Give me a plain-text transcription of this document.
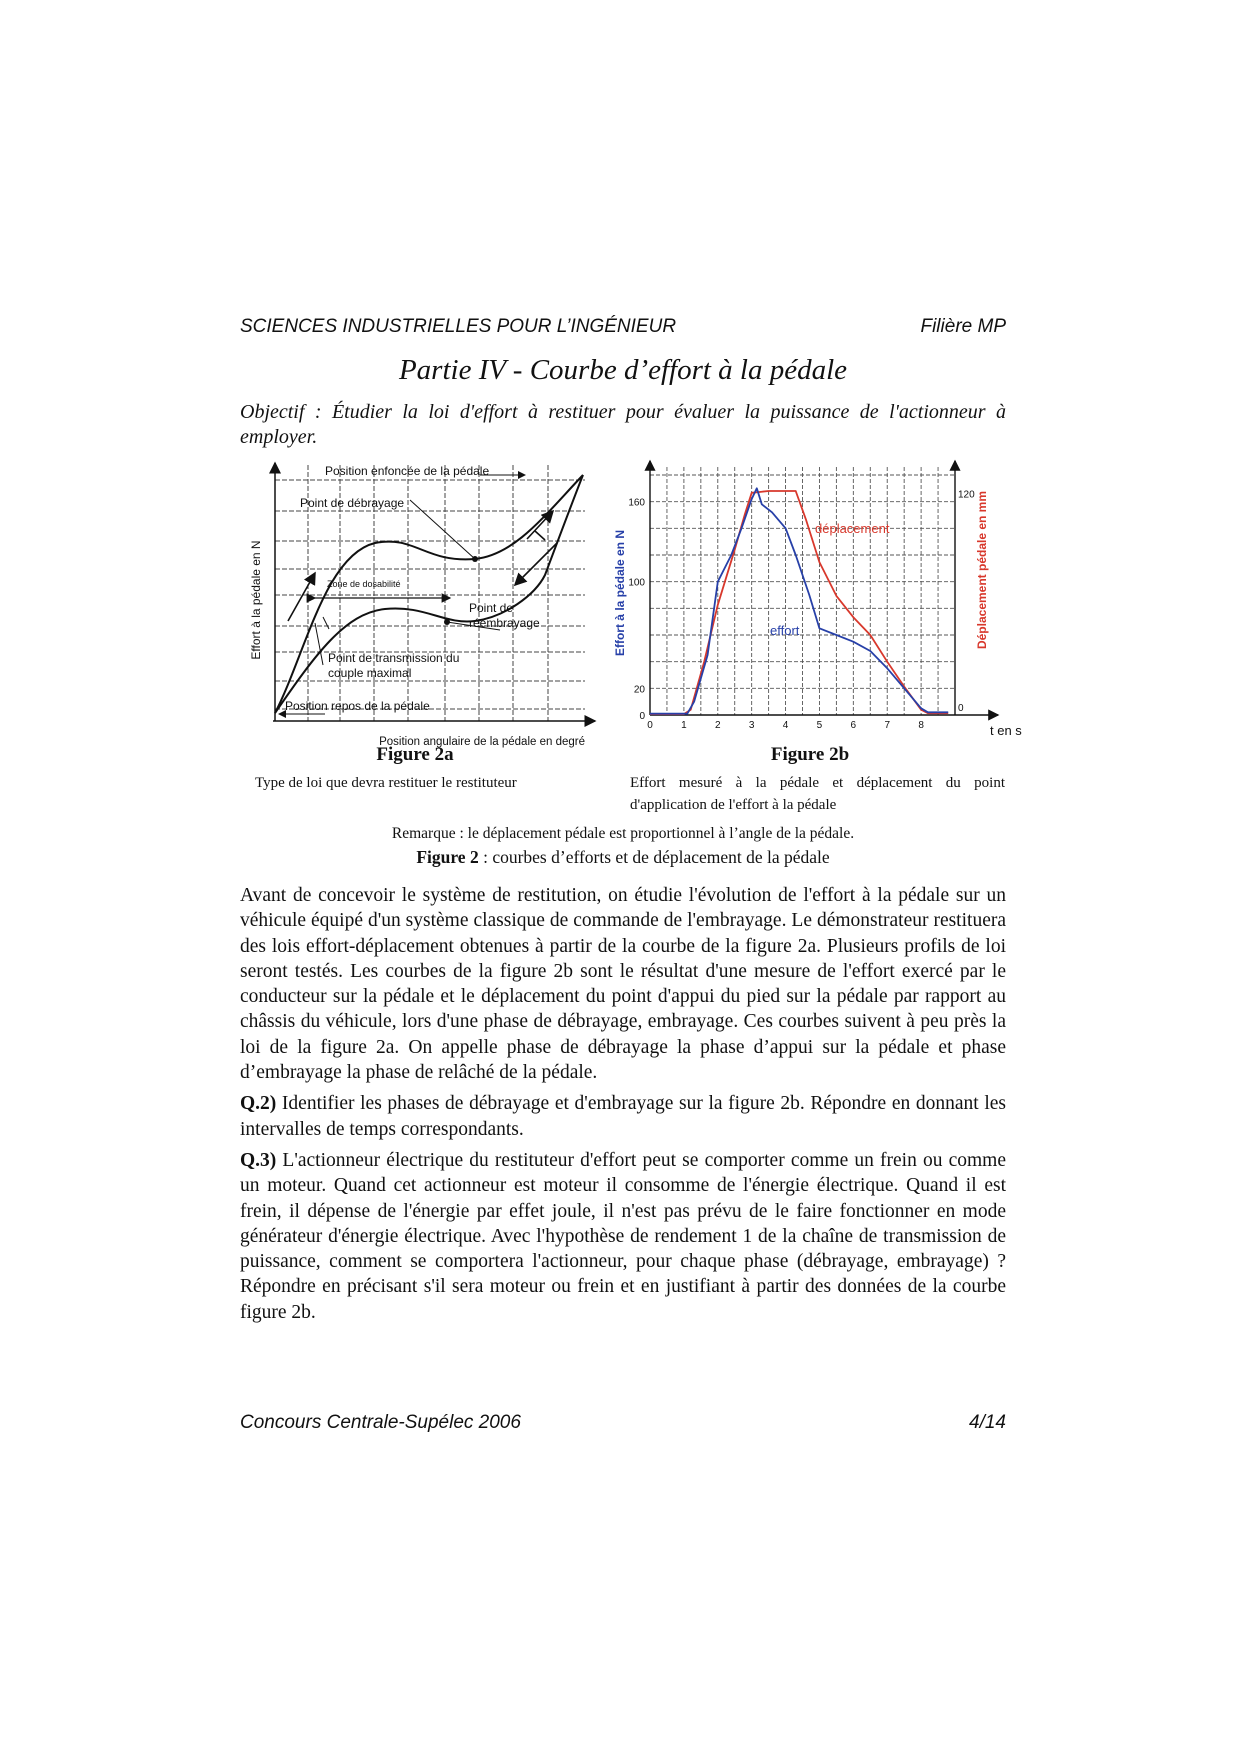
SCIENCES INDUSTRIELLES POUR L’INGÉNIEUR	Filière MP
Partie IV - Courbe d’effort à la pédale
Objectif : Étudier la loi d'effort à restituer pour évaluer la puissance de l'actionneur à employer.
Position enfoncée de la pédale
Point de débrayage
Zone de dosabilité
Point de
réembrayage
Point de transmission du
couple maximal
Position repos de la pédale
Position angulaire de la pédale en degré
Effort à la pédale en N
Figure 2a
Type de loi que devra restituer le restituteur
0	1	2	3	4	5	6	7	8
0
20
100
160
0
120
t en s
Effort à la pédale en N	Déplacement pédale en mm
déplacement
effort
Figure 2b
Effort mesuré à la pédale et déplacement du point d'application de l'effort à la pédale
Remarque : le déplacement pédale est proportionnel à l’angle de la pédale.
Figure 2 : courbes d’efforts et de déplacement de la pédale

Avant de concevoir le système de restitution, on étudie l'évolution de l'effort à la pédale sur un véhicule équipé d'un système classique de commande de l'embrayage. Le démonstrateur restituera des lois effort-déplacement obtenues à partir de la courbe de la figure 2a. Plusieurs profils de loi seront testés. Les courbes de la figure 2b sont le résultat d'une mesure de l'effort exercé par le conducteur sur la pédale et le déplacement du point d'appui du pied sur la pédale par rapport au châssis du véhicule, lors d'une phase de débrayage, embrayage. Ces courbes suivent à peu près la loi de la figure 2a. On appelle phase de débrayage la phase d’appui sur la pédale et phase d’embrayage la phase de relâché de la pédale.

Q.2) Identifier les phases de débrayage et d'embrayage sur la figure 2b. Répondre en donnant les intervalles de temps correspondants.

Q.3) L'actionneur électrique du restituteur d'effort peut se comporter comme un frein ou comme un moteur. Quand cet actionneur est moteur il consomme de l'énergie électrique. Quand il est frein, il dépense de l'énergie par effet joule, il n'est pas prévu de le faire fonctionner en mode générateur d'énergie électrique. Avec l'hypothèse de rendement 1 de la chaîne de transmission de puissance, comment se comportera l'actionneur, pour chaque phase (débrayage, embrayage) ? Répondre en précisant s'il sera moteur ou frein et en justifiant à partir des données de la courbe figure 2b.

Concours Centrale-Supélec 2006	4/14
